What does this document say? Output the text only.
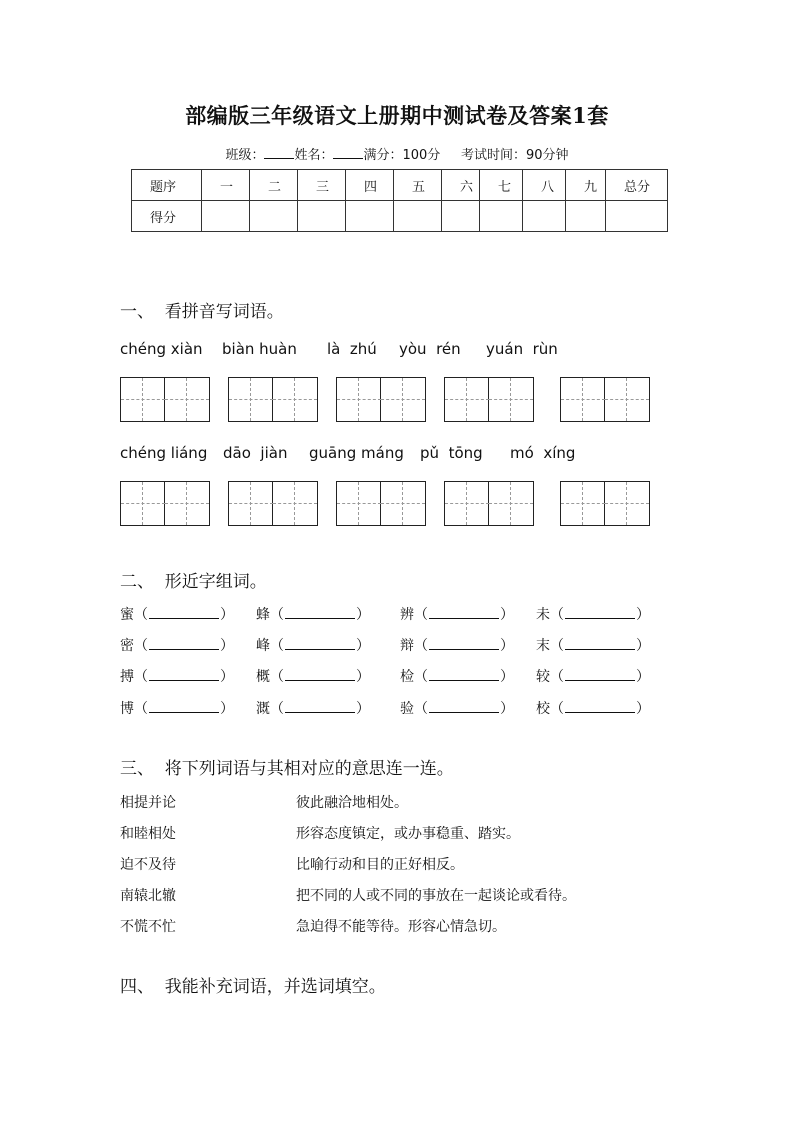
部编版三年级语文上册期中测试卷及答案1套
班级： 姓名： 满分：100分 考试时间：90分钟
题序	一	二	三	四	五	六	七	八	九	总分
得分										
一、  看拼音写词语。
chéng xiàn biàn huàn là  zhú yòu  rén yuán  rùn
chéng liáng dāo  jiàn guāng máng pǔ  tōng mó  xíng
二、  形近字组词。
蜜（	） 蜂（	） 辨（	） 未（	）
密（	） 峰（	） 辩（	） 末（	）
搏（	） 概（	） 检（	） 较（	）
博（	） 溉（	） 验（	） 校（	）
三、  将下列词语与其相对应的意思连一连。
相提并论	彼此融洽地相处。
和睦相处	形容态度镇定，或办事稳重、踏实。
迫不及待	比喻行动和目的正好相反。
南辕北辙	把不同的人或不同的事放在一起谈论或看待。
不慌不忙	急迫得不能等待。形容心情急切。
四、  我能补充词语，并选词填空。
